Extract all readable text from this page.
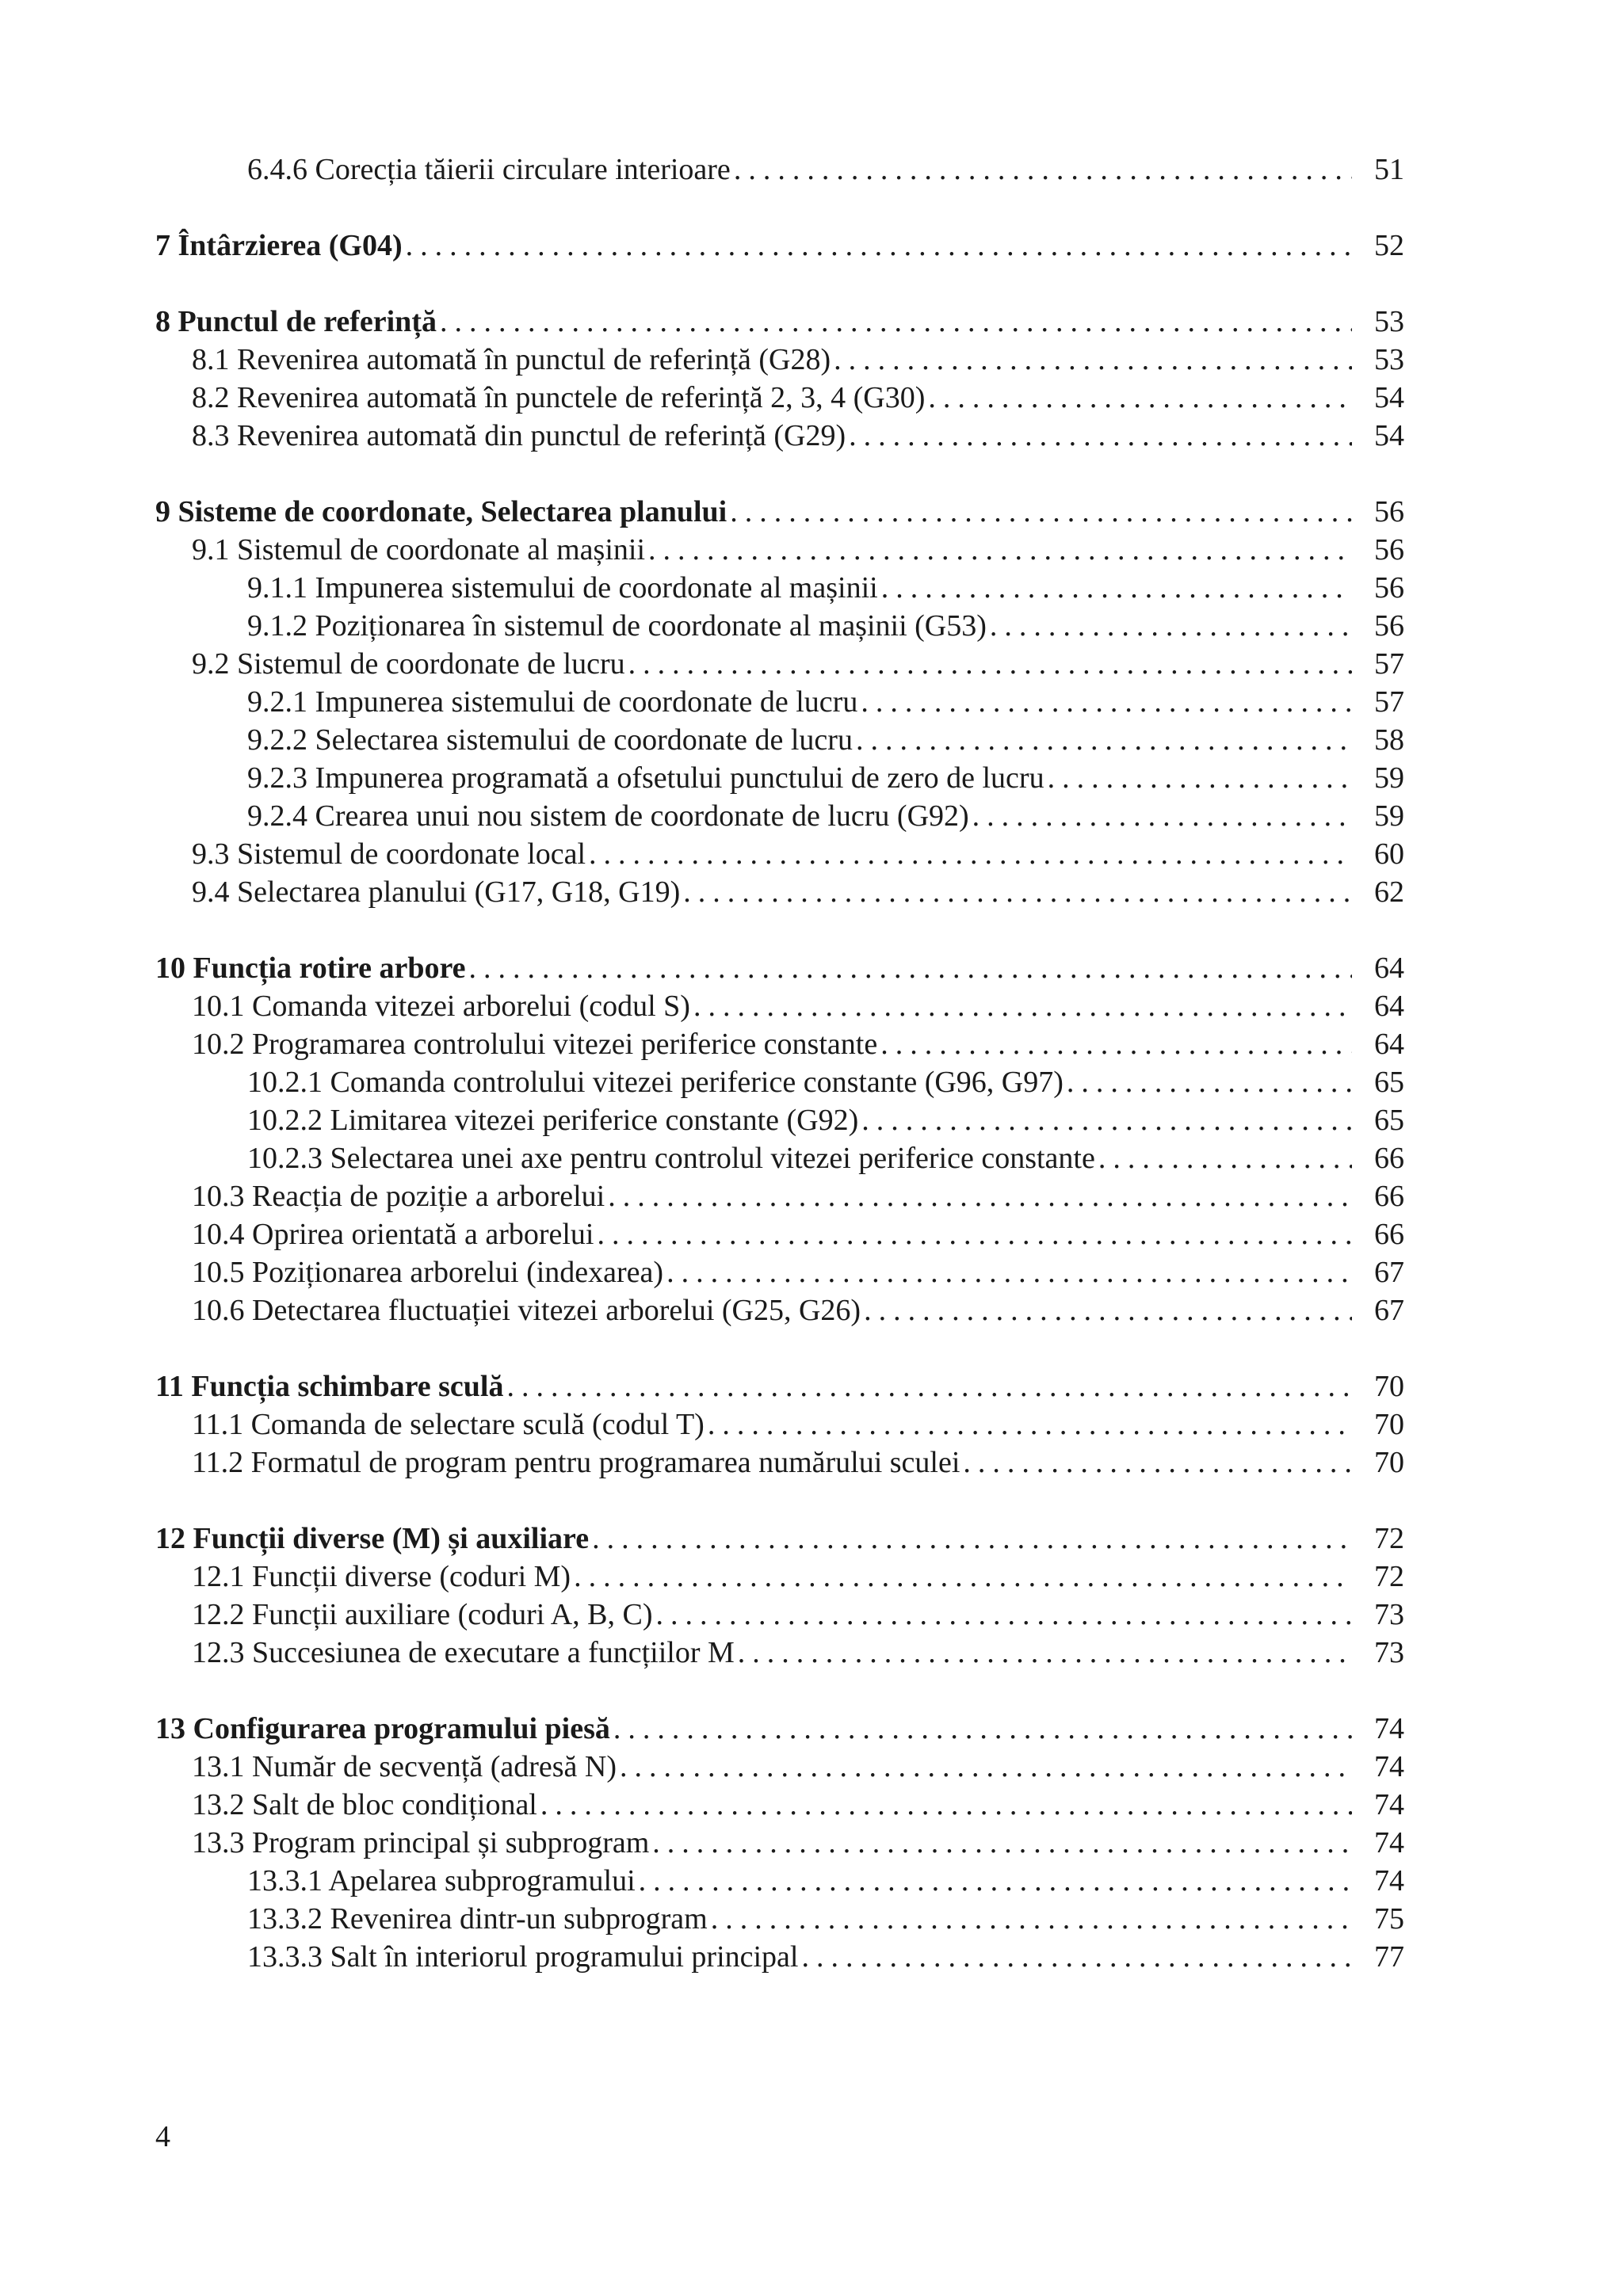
6.4.6 Corecția tăierii circulare interioare .....	51
7 Întârzierea (G04) .....	52
8 Punctul de referință .....	53
8.1 Revenirea automată în punctul de referință (G28) .....	53
8.2 Revenirea automată în punctele de referință 2, 3, 4 (G30) .....	54
8.3 Revenirea automată din punctul de referință (G29) .....	54
9 Sisteme de coordonate, Selectarea planului .....	56
9.1 Sistemul de coordonate al mașinii .....	56
9.1.1 Impunerea sistemului de coordonate al mașinii .....	56
9.1.2 Poziționarea în sistemul de coordonate al mașinii (G53) .....	56
9.2 Sistemul de coordonate de lucru .....	57
9.2.1 Impunerea sistemului de coordonate de lucru .....	57
9.2.2 Selectarea sistemului de coordonate de lucru .....	58
9.2.3 Impunerea programată a ofsetului punctului de zero de lucru .....	59
9.2.4 Crearea unui nou sistem de coordonate de lucru (G92) .....	59
9.3 Sistemul de coordonate local .....	60
9.4 Selectarea planului (G17, G18, G19) .....	62
10 Funcția rotire arbore .....	64
10.1 Comanda vitezei arborelui (codul S) .....	64
10.2 Programarea controlului vitezei periferice constante .....	64
10.2.1 Comanda controlului vitezei periferice constante (G96, G97) .....	65
10.2.2 Limitarea vitezei periferice constante (G92) .....	65
10.2.3 Selectarea unei axe pentru controlul vitezei periferice constante .....	66
10.3 Reacția de poziție a arborelui .....	66
10.4 Oprirea orientată a arborelui .....	66
10.5 Poziționarea arborelui (indexarea) .....	67
10.6 Detectarea fluctuației vitezei arborelui (G25, G26) .....	67
11 Funcția schimbare sculă .....	70
11.1 Comanda de selectare sculă (codul T) .....	70
11.2 Formatul de program pentru programarea numărului sculei .....	70
12 Funcții diverse (M) și auxiliare .....	72
12.1 Funcții diverse (coduri M) .....	72
12.2 Funcții auxiliare (coduri A, B, C) .....	73
12.3 Succesiunea de executare a funcțiilor M .....	73
13 Configurarea programului piesă .....	74
13.1 Număr de secvență (adresă N) .....	74
13.2 Salt de bloc condițional .....	74
13.3 Program principal și subprogram .....	74
13.3.1 Apelarea subprogramului .....	74
13.3.2 Revenirea dintr-un subprogram .....	75
13.3.3 Salt în interiorul programului principal .....	77
4
